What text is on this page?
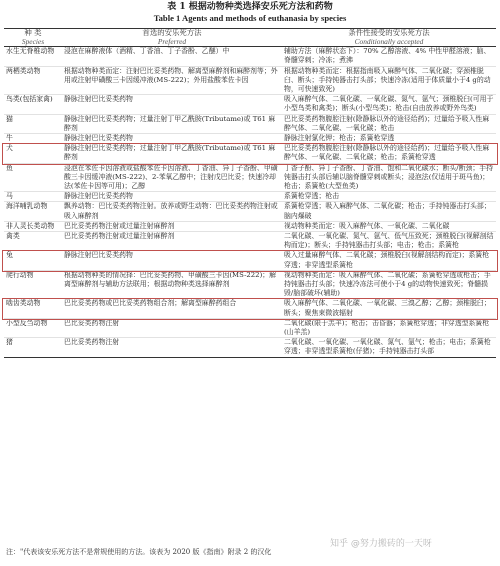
表 1 根据动物种类选择安乐死方法和药物
Table 1 Agents and methods of euthanasia by species
种 类	首选的安乐死方法	条件性接受的安乐死方法
Species	Preferred	Conditionally accepted
水生无脊椎动物	浸泡在麻醉液体（酒精、丁香油、丁子香酚、乙醚）中	辅助方法（麻醉状态下）：70% 乙醇溶液、4% 中性甲醛溶液；脑、脊髓穿刺；冷冻；煮沸
两栖类动物	根据动物种类而定：注射巴比妥类药物、解离型麻醉剂和麻醉剂等；外用或注射甲磺酸三卡因缓冲液(MS-222)；外用盐酸苯佐卡因	根据动物种类而定：根据指南吸入麻醉气体、二氧化碳；穿颈椎脱臼、断头；手持钝器击打头部；快速冷冻(适用于体质量小于4 g的动物，可快速致死)
鸟类(包括家禽)	静脉注射巴比妥类药物	吸入麻醉气体、二氧化碳、一氧化碳、氮气、氩气；颈椎脱臼(可用于小型鸟类和禽类)；断头(小型鸟类)；枪击(自由放养或野外鸟类)
猫	静脉注射巴比妥类药物；过量注射丁甲乙酰胺(Tributame)或 T61 麻醉剂	巴比妥类药物腹腔注射(除静脉以外的途径给药)；过量给予吸入性麻醉气体、二氧化碳、一氧化碳；枪击
牛	静脉注射巴比妥类药物	静脉注射氯化钾；枪击；系簧枪穿透
犬	静脉注射巴比妥类药物；过量注射丁甲乙酰胺(Tributame)或 T61 麻醉剂	巴比妥类药物腹腔注射(除静脉以外的途径给药)；过量给予吸入性麻醉气体、一氧化碳、二氧化碳；枪击；系簧枪穿透
鱼	浸泡在苯佐卡因溶液或盐酸苯佐卡因溶液、丁香油、异丁子香酚、甲磺酸三卡因缓冲液(MS-222)、2-苯氧乙醇中；注射戊巴比妥；快速冷却法(苯佐卡因等可用)；乙醇	丁香子酚、异丁子香酚、丁香油、饱和二氧化碳水；断头/断颈；手持钝器击打头部后辅以脑脊髓穿刺或断头；浸泡法(仅适用于斑马鱼)；枪击；系簧枪(大型鱼类)
马	静脉注射巴比妥类药物	系簧枪穿透；枪击
海洋哺乳动物	飘养动物：巴比妥类药物注射。放养或野生动物：巴比妥类药物注射或吸入麻醉剂	系簧枪穿透；吸入麻醉气体、二氧化碳；枪击；手持钝器击打头部；脑内爆破
非人灵长类动物	巴比妥类药物注射或过量注射麻醉剂	视动物种类而定：吸入麻醉气体、一氧化碳、二氧化碳
禽类	巴比妥类药物注射或过量注射麻醉剂	二氧化碳、一氧化碳、氮气、氩气、低气压致死；颈椎脱臼(视解剖结构而定)；断头；手持钝器击打头部；电击；枪击；系簧枪
兔	静脉注射巴比妥类药物	吸入过量麻醉气体、二氧化碳；颈椎脱臼(视解剖结构而定)；系簧枪穿透；非穿透型系簧枪
爬行动物	根据动物种类的情况择：巴比妥类药物、甲磺酸三卡因(MS-222)；解离型麻醉剂与辅助方法联用；根据动物种类选择麻醉剂	视动物种类而定：吸入麻醉气体、二氧化碳；系簧枪穿透或枪击；手持钝器击打头部；快速冷冻法可使小于4 g的动物快速致死；脊髓损毁/脑部破坏(辅助)
啮齿类动物	巴比妥类药物或巴比妥类药物组合剂；解离型麻醉药组合	吸入麻醉气体、二氧化碳、一氧化碳、三溴乙醇；乙醇；颈椎脱臼；断头；聚焦束微波辐射
小型反刍动物	巴比妥类药物注射	二氧化碳(限于羔羊)；枪击；击昏器；系簧枪穿透；非穿透型系簧枪(山羊羔)
猪	巴比妥类药物注射	二氧化碳、一氧化碳、一氧化碳、氮气、氩气；枪击；电击；系簧枪穿透；非穿透型系簧枪(仔猪)；手持钝器击打头部
知乎 @努力搬砖的一天呀
注："代表该安乐死方法不是常规使用的方法。该表为 2020 版《指南》附录 2 的汉化
